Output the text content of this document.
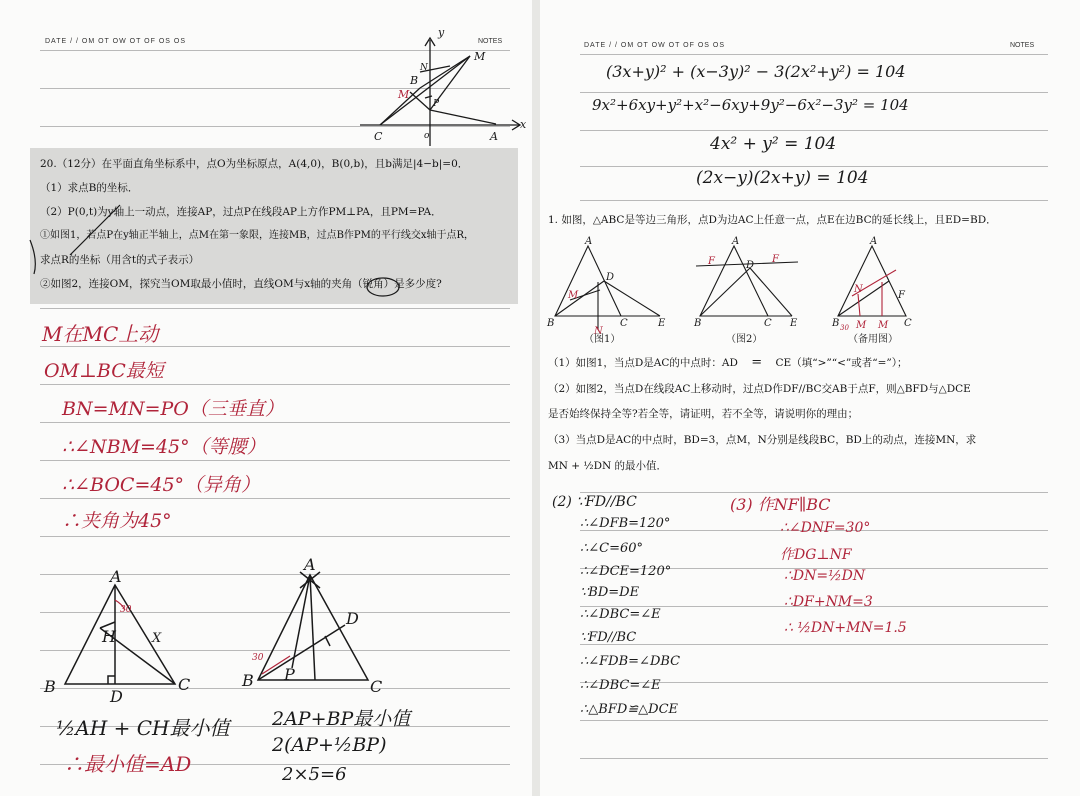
DATE / / OM OT OW OT OF OS OS	NOTES
y
N
M
B
M
P
C	o	A
x
20.（12分）在平面直角坐标系中，点O为坐标原点，A(4,0)，B(0,b)，且b满足|4−b|=0．
（1）求点B的坐标．
（2）P(0,t)为y轴上一动点，连接AP，过点P在线段AP上方作PM⊥PA，且PM=PA．
①如图1，若点P在y轴正半轴上，点M在第一象限，连接MB，过点B作PM的平行线交x轴于点R，
求点R的坐标（用含t的式子表示）
②如图2，连接OM，探究当OM取最小值时，直线OM与x轴的夹角（锐角）是多少度?
M在MC上动
OM⊥BC最短
BN=MN=PO（三垂直）
∴∠NBM=45°（等腰）
∴∠BOC=45°（异角）
∴夹角为45°
A
30
H
B
D
C
X
A
D
B
30
P
C
½AH + CH最小值
∴最小值=AD
2AP+BP最小值
2(AP+½BP)
2×5=6
DATE / / OM OT OW OT OF OS OS	NOTES
(3x+y)² + (x−3y)² − 3(2x²+y²) = 104
9x²+6xy+y²+x²−6xy+9y²−6x²−3y² = 104
4x² + y² = 104
(2x−y)(2x+y) = 104
1. 如图，△ABC是等边三角形，点D为边AC上任意一点，点E在边BC的延长线上，且ED=BD．
A
D
M
B
N
C	E
A
F	D
F
B	C E
A
N
F
B 30 M M C
（图1）	（图2）	（备用图）
（1）如图1，当点D是AC的中点时：AD = CE（填“>”“<”或者“=”）；
（2）如图2，当点D在线段AC上移动时，过点D作DF//BC交AB于点F，则△BFD与△DCE
是否始终保持全等?若全等，请证明，若不全等，请说明你的理由；
（3）当点D是AC的中点时，BD=3，点M，N分别是线段BC，BD上的动点，连接MN，求
MN + ½DN 的最小值．
(2) ∵FD//BC
∴∠DFB=120°
∴∠C=60°
∴∠DCE=120°
∵BD=DE
∴∠DBC=∠E
∵FD//BC
∴∠FDB=∠DBC
∴∠DBC=∠E
∴△BFD≌△DCE
(3) 作NF∥BC
∴∠DNF=30°
作DG⊥NF
∴DN=½DN
∴DF+NM=3
∴ ½DN+MN=1.5
